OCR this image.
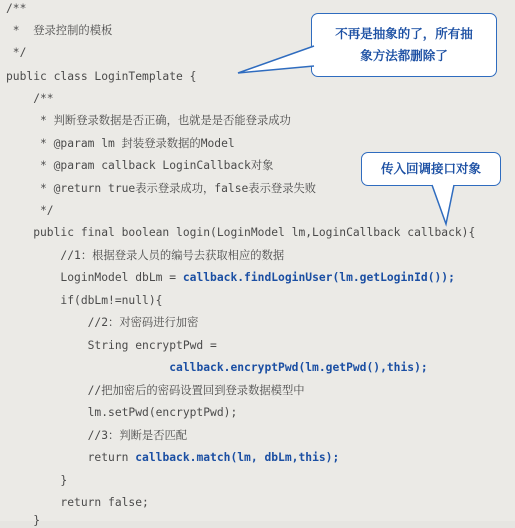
/**
*  登录控制的模板
*/
public class LoginTemplate {
/**
* 判断登录数据是否正确，也就是是否能登录成功
* @param lm 封装登录数据的Model
* @param callback LoginCallback对象
* @return true表示登录成功，false表示登录失败
*/
public final boolean login(LoginModel lm,LoginCallback callback){
//1：根据登录人员的编号去获取相应的数据
LoginModel dbLm = callback.findLoginUser(lm.getLoginId());
if(dbLm!=null){
//2：对密码进行加密
String encryptPwd =
callback.encryptPwd(lm.getPwd(),this);
//把加密后的密码设置回到登录数据模型中
lm.setPwd(encryptPwd);
//3：判断是否匹配
return callback.match(lm, dbLm,this);
}
return false;
}
不再是抽象的了，所有抽
象方法都删除了
传入回调接口对象
